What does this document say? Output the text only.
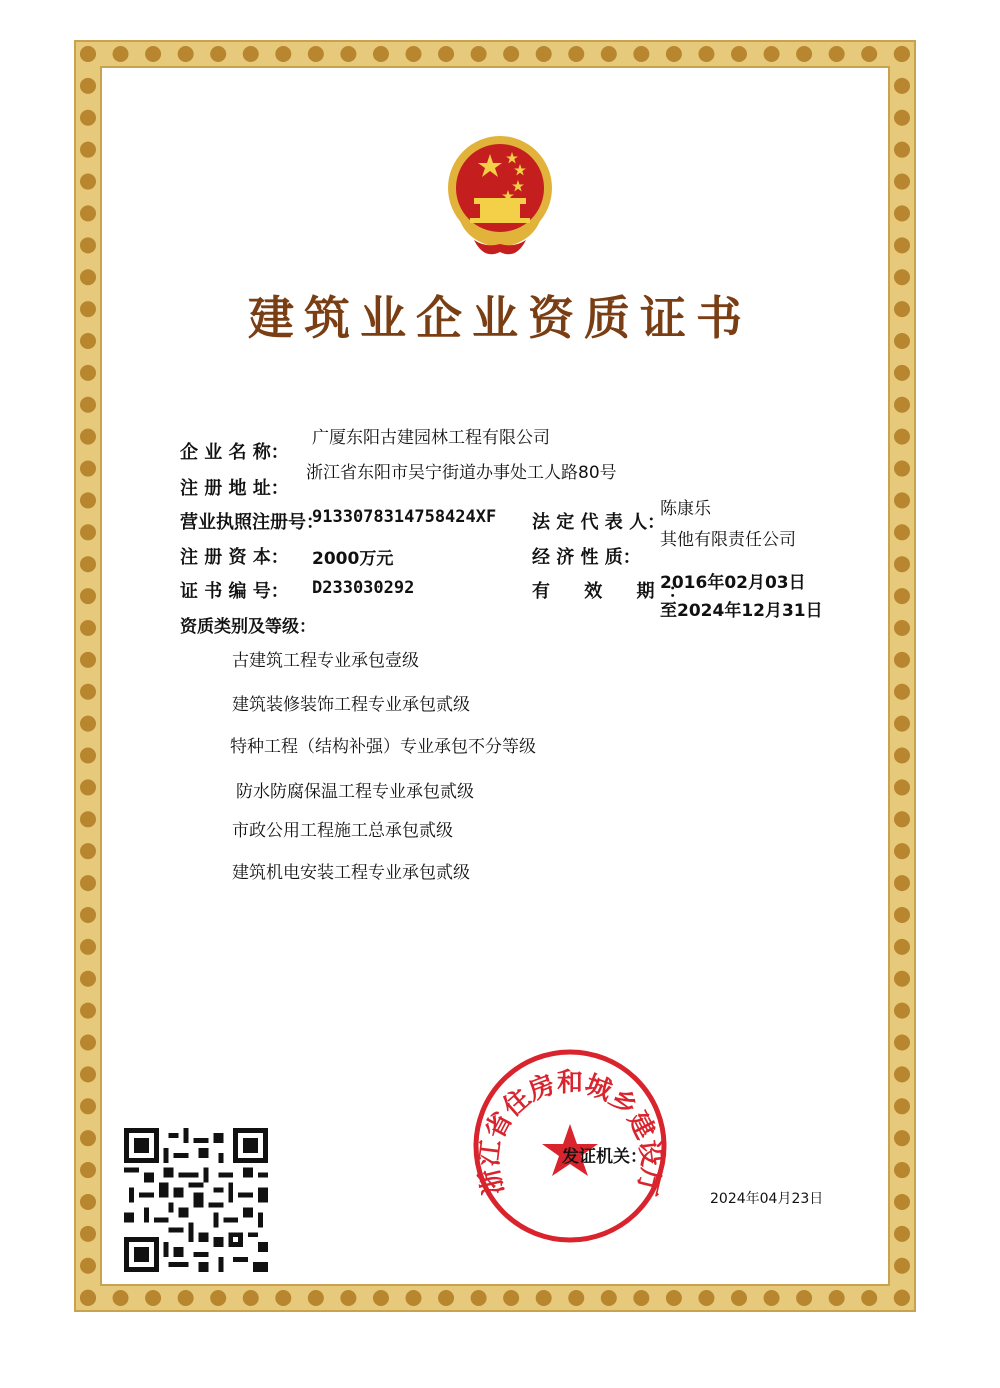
建筑业企业资质证书
企 业 名 称：
广厦东阳古建园林工程有限公司
注 册 地 址：
浙江省东阳市吴宁街道办事处工人路80号
营业执照注册号：
9133078314758424XF
注 册 资 本： 2000万元
证 书 编 号： D233030292
法 定 代 表 人：
陈康乐
经 济 性 质：
其他有限责任公司
有 效 期：
2016年02月03日
至2024年12月31日
资质类别及等级：
古建筑工程专业承包壹级
建筑装修装饰工程专业承包贰级
特种工程（结构补强）专业承包不分等级
防水防腐保温工程专业承包贰级
市政公用工程施工总承包贰级
建筑机电安装工程专业承包贰级
浙江省住房和城乡建设厅
发证机关：
2024年04月23日
